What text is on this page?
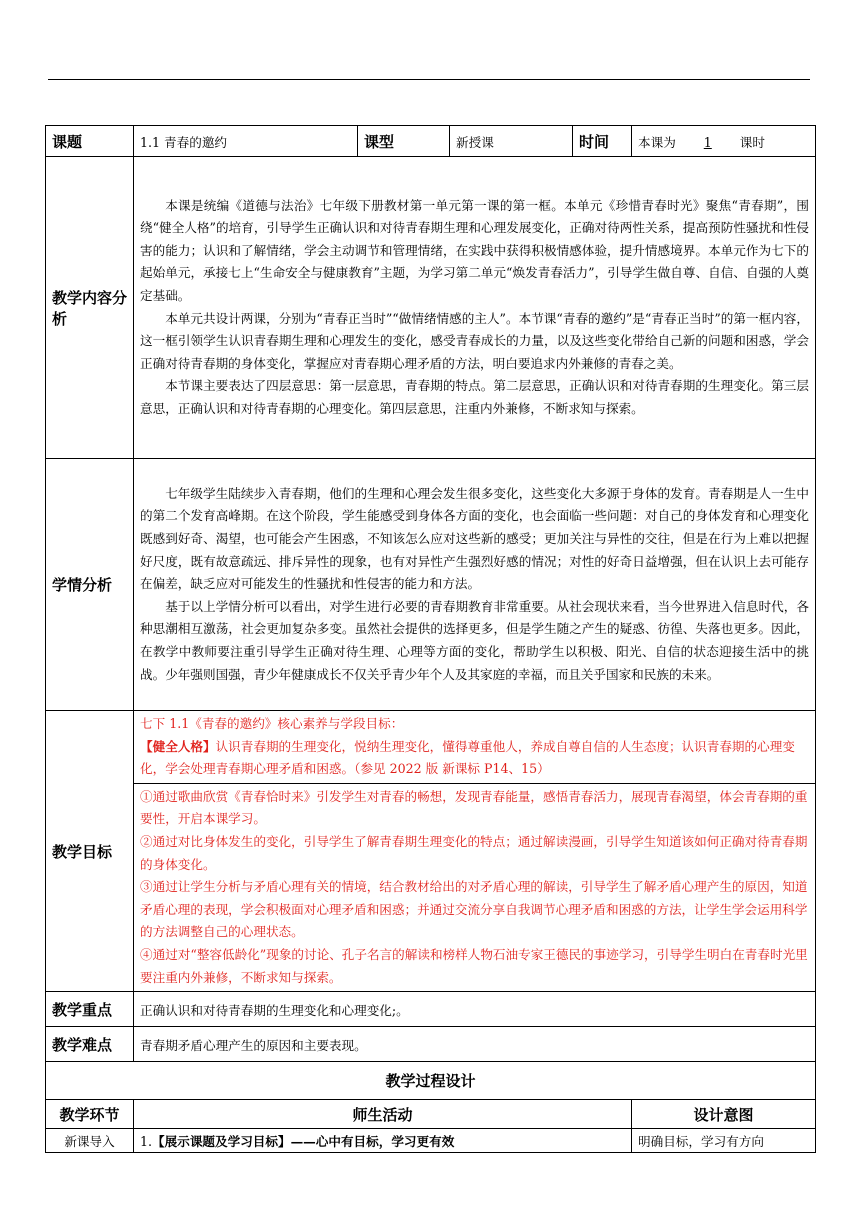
课题	1.1 青春的邀约	课型	新授课	时间	本课为 1 课时
教学内容分析	本课是统编《道德与法治》七年级下册教材第一单元第一课的第一框。本单元《珍惜青春时光》聚焦“青春期”，围绕“健全人格”的培育，引导学生正确认识和对待青春期生理和心理发展变化，正确对待两性关系，提高预防性骚扰和性侵害的能力；认识和了解情绪，学会主动调节和管理情绪，在实践中获得积极情感体验，提升情感境界。本单元作为七下的起始单元，承接七上“生命安全与健康教育”主题，为学习第二单元“焕发青春活力”，引导学生做自尊、自信、自强的人奠定基础。

本单元共设计两课，分别为“青春正当时”“做情绪情感的主人”。本节课“青春的邀约”是“青春正当时”的第一框内容，这一框引领学生认识青春期生理和心理发生的变化，感受青春成长的力量，以及这些变化带给自己新的问题和困惑，学会正确对待青春期的身体变化，掌握应对青春期心理矛盾的方法，明白要追求内外兼修的青春之美。

本节课主要表达了四层意思：第一层意思，青春期的特点。第二层意思，正确认识和对待青春期的生理变化。第三层意思，正确认识和对待青春期的心理变化。第四层意思，注重内外兼修，不断求知与探索。				

学情分析	七年级学生陆续步入青春期，他们的生理和心理会发生很多变化，这些变化大多源于身体的发育。青春期是人一生中的第二个发育高峰期。在这个阶段，学生能感受到身体各方面的变化，也会面临一些问题：对自己的身体发育和心理变化既感到好奇、渴望，也可能会产生困惑，不知该怎么应对这些新的感受；更加关注与异性的交往，但是在行为上难以把握好尺度，既有故意疏远、排斥异性的现象，也有对异性产生强烈好感的情况；对性的好奇日益增强，但在认识上去可能存在偏差，缺乏应对可能发生的性骚扰和性侵害的能力和方法。

基于以上学情分析可以看出，对学生进行必要的青春期教育非常重要。从社会现状来看，当今世界进入信息时代，各种思潮相互激荡，社会更加复杂多变。虽然社会提供的选择更多，但是学生随之产生的疑惑、彷徨、失落也更多。因此，在教学中教师要注重引导学生正确对待生理、心理等方面的变化，帮助学生以积极、阳光、自信的状态迎接生活中的挑战。少年强则国强，青少年健康成长不仅关乎青少年个人及其家庭的幸福，而且关乎国家和民族的未来。				

教学目标	七下 1.1《青春的邀约》核心素养与学段目标：

【健全人格】认识青春期的生理变化，悦纳生理变化，懂得尊重他人，养成自尊自信的人生态度；认识青春期的心理变化，学会处理青春期心理矛盾和困惑。（参见 2022 版 新课标 P14、15）				

	①通过歌曲欣赏《青春恰时来》引发学生对青春的畅想，发现青春能量，感悟青春活力，展现青春渴望，体会青春期的重要性，开启本课学习。

②通过对比身体发生的变化，引导学生了解青春期生理变化的特点；通过解读漫画，引导学生知道该如何正确对待青春期的身体变化。

③通过让学生分析与矛盾心理有关的情境，结合教材给出的对矛盾心理的解读，引导学生了解矛盾心理产生的原因，知道矛盾心理的表现，学会积极面对心理矛盾和困惑；并通过交流分享自我调节心理矛盾和困惑的方法，让学生学会运用科学的方法调整自己的心理状态。

④通过对“整容低龄化”现象的讨论、孔子名言的解读和榜样人物石油专家王德民的事迹学习，引导学生明白在青春时光里要注重内外兼修，不断求知与探索。				

教学重点	正确认识和对待青春期的生理变化和心理变化;。				
教学难点	青春期矛盾心理产生的原因和主要表现。				
教学过程设计					
教学环节	师生活动				设计意图
新课导入	1.【展示课题及学习目标】——心中有目标，学习更有效				明确目标，学习有方向
